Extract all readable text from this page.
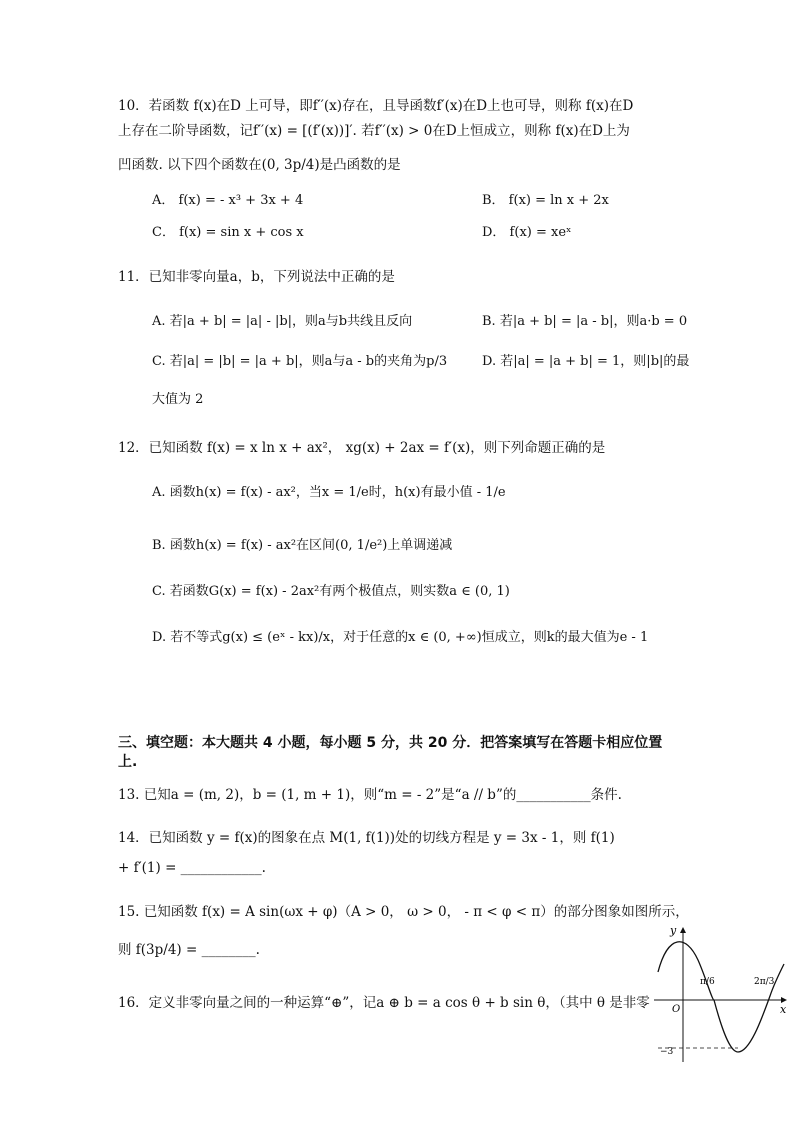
10．若函数 f(x)在D 上可导，即f′′(x)存在，且导函数f′(x)在D上也可导，则称 f(x)在D
上存在二阶导函数，记f′′(x) = [(f′(x))]′. 若f′′(x) > 0在D上恒成立，则称 f(x)在D上为
凹函数. 以下四个函数在(0, 3p/4)是凸函数的是
A． f(x) = - x³ + 3x + 4	B． f(x) = ln x + 2x
C． f(x) = sin x + cos x	D． f(x) = xeˣ
11．已知非零向量a，b，下列说法中正确的是
A. 若|a + b| = |a| - |b|，则a与b共线且反向	B. 若|a + b| = |a - b|，则a·b = 0
C. 若|a| = |b| = |a + b|，则a与a - b的夹角为p/3	D. 若|a| = |a + b| = 1，则|b|的最
大值为 2
12．已知函数 f(x) = x ln x + ax²， xg(x) + 2ax = f′(x)，则下列命题正确的是
A. 函数h(x) = f(x) - ax²，当x = 1/e时，h(x)有最小值 - 1/e
B. 函数h(x) = f(x) - ax²在区间(0, 1/e²)上单调递减
C. 若函数G(x) = f(x) - 2ax²有两个极值点，则实数a ∈ (0, 1)
D. 若不等式g(x) ≤ (eˣ - kx)/x，对于任意的x ∈ (0, +∞)恒成立，则k的最大值为e - 1
三、填空题：本大题共 4 小题，每小题 5 分，共 20 分．把答案填写在答题卡相应位置
上.
13. 已知a = (m, 2)，b = (1, m + 1)，则“m = - 2”是“a // b”的___________条件.
14．已知函数 y = f(x)的图象在点 M(1, f(1))处的切线方程是 y = 3x - 1，则 f(1)
+ f′(1) = ____________.
15. 已知函数 f(x) = A sin(ωx + φ)（A > 0， ω > 0， - π < φ < π）的部分图象如图所示，
则 f(3p/4) = ________.
16．定义非零向量之间的一种运算“⊕”，记a ⊕ b = a cos θ + b sin θ，（其中 θ 是非零
y
x
O
π/6	2π/3
−3
